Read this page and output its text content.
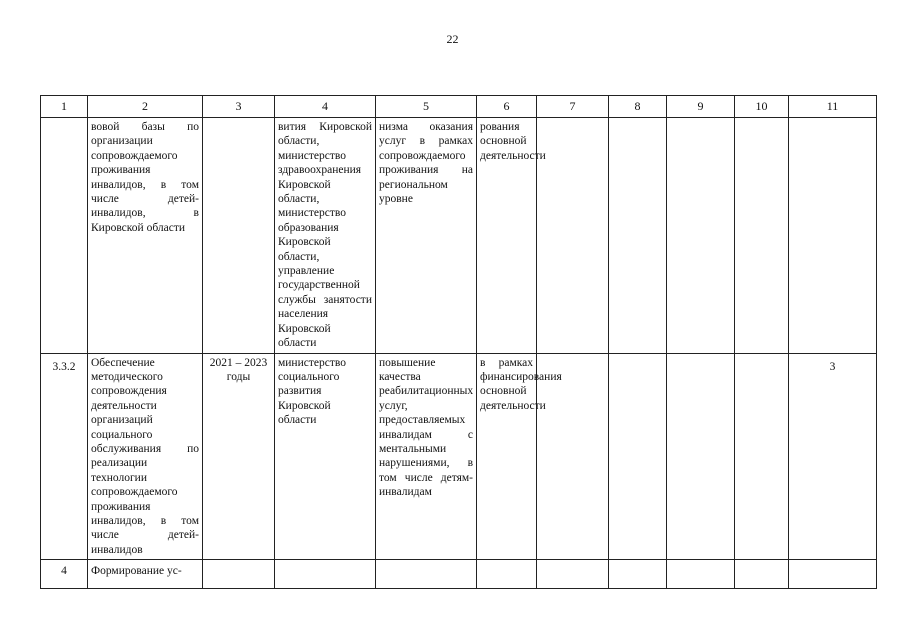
22
1	2	3	4	5	6	7	8	9	10	11
	вовой базы по организации сопровождаемого проживания инвалидов, в том числе детей-инвалидов, в Кировской области		вития Кировской области, министерство здравоохранения Кировской области, министерство образования Кировской области, управление государственной службы занятости населения Кировской области	низма оказания услуг в рамках сопровождаемого проживания на региональном уровне	рования основной деятельности					
3.3.2	Обеспечение методического сопровождения деятельности организаций социального обслуживания по реализации технологии сопровождаемого проживания инвалидов, в том числе детей-инвалидов	2021 – 2023 годы	министерство социального развития Кировской области	повышение качества реабилитационных услуг, предоставляемых инвалидам с ментальными нарушениями, в том числе детям-инвалидам	в рамках финансирования основной деятельности					3
4	Формирование ус-									
